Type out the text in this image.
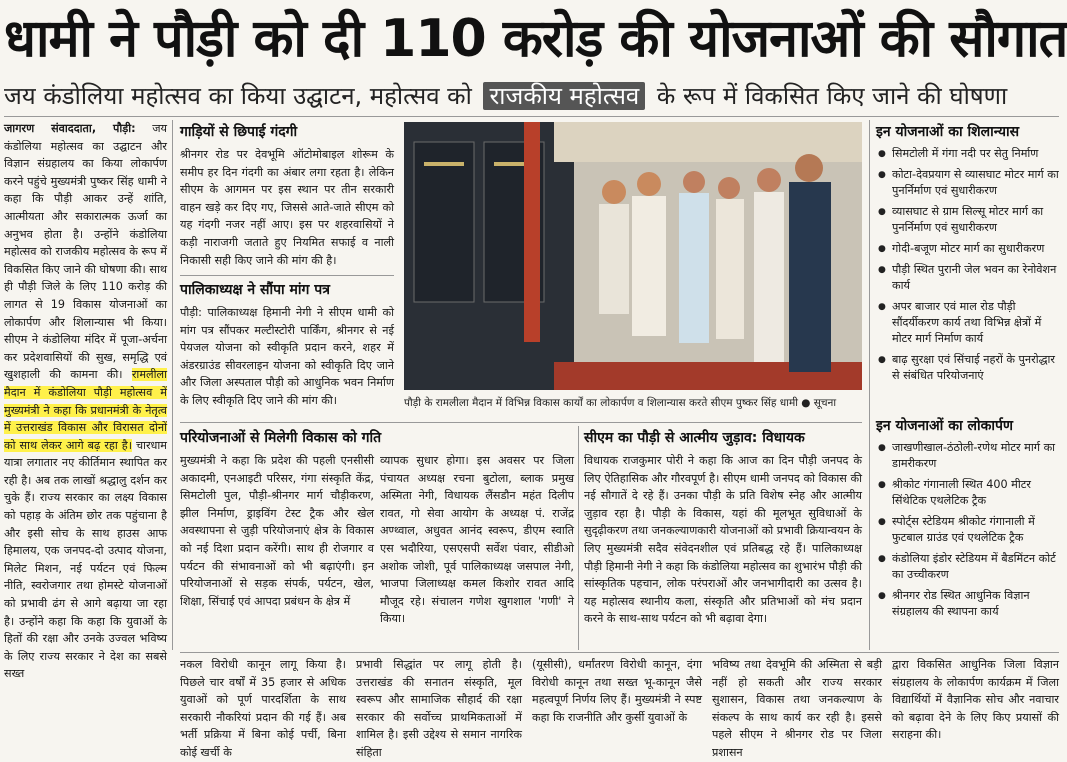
धामी ने पौड़ी को दी 110 करोड़ की योजनाओं की सौगात
जय कंडोलिया महोत्सव का किया उद्घाटन, महोत्सव को राजकीय महोत्सव के रूप में विकसित किए जाने की घोषणा
जागरण संवाददाता, पौड़ी: जय कंडोलिया महोत्सव का उद्घाटन और विज्ञान संग्रहालय का किया लोकार्पण करने पहुंचे मुख्यमंत्री पुष्कर सिंह धामी ने कहा कि पौड़ी आकर उन्हें शांति, आत्मीयता और सकारात्मक ऊर्जा का अनुभव होता है। उन्होंने कंडोलिया महोत्सव को राजकीय महोत्सव के रूप में विकसित किए जाने की घोषणा की। साथ ही पौड़ी जिले के लिए 110 करोड़ की लागत से 19 विकास योजनाओं का लोकार्पण और शिलान्यास भी किया। सीएम ने कंडोलिया मंदिर में पूजा-अर्चना कर प्रदेशवासियों की सुख, समृद्धि एवं खुशहाली की कामना की। रामलीला मैदान में कंडोलिया पौड़ी महोत्सव में मुख्यमंत्री ने कहा कि प्रधानमंत्री के नेतृत्व में उत्तराखंड विकास और विरासत दोनों को साथ लेकर आगे बढ़ रहा है। चारधाम यात्रा लगातार नए कीर्तिमान स्थापित कर रही है। अब तक लाखों श्रद्धालु दर्शन कर चुके हैं। राज्य सरकार का लक्ष्य विकास को पहाड़ के अंतिम छोर तक पहुंचाना है और इसी सोच के साथ हाउस आफ हिमालय, एक जनपद-दो उत्पाद योजना, मिलेट मिशन, नई पर्यटन एवं फिल्म नीति, स्वरोजगार तथा होमस्टे योजनाओं को प्रभावी ढंग से आगे बढ़ाया जा रहा है। उन्होंने कहा कि कहा कि युवाओं के हितों की रक्षा और उनके उज्वल भविष्य के लिए राज्य सरकार ने देश का सबसे सख्त
गाड़ियों से छिपाई गंदगी
श्रीनगर रोड पर देवभूमि ऑटोमोबाइल शोरूम के समीप हर दिन गंदगी का अंबार लगा रहता है। लेकिन सीएम के आगमन पर इस स्थान पर तीन सरकारी वाहन खड़े कर दिए गए, जिससे आते-जाते सीएम को यह गंदगी नजर नहीं आए। इस पर शहरवासियों ने कड़ी नाराजगी जताते हुए नियमित सफाई व नाली निकासी सही किए जाने की मांग की है।
पालिकाध्यक्ष ने सौंपा मांग पत्र
पौड़ी: पालिकाध्यक्ष हिमानी नेगी ने सीएम धामी को मांग पत्र सौंपकर मल्टीस्टोरी पार्किंग, श्रीनगर से नई पेयजल योजना को स्वीकृति प्रदान करने, शहर में अंडरग्राउंड सीवरलाइन योजना को स्वीकृति दिए जाने और जिला अस्पताल पौड़ी को आधुनिक भवन निर्माण के लिए स्वीकृति दिए जाने की मांग की।	पौड़ी के रामलीला मैदान में विभिन्न विकास कार्यों का लोकार्पण व शिलान्यास करते सीएम पुष्कर सिंह धामी ● सूचना
इन योजनाओं का शिलान्यास
● सिमटोली में गंगा नदी पर सेतु निर्माण
● कोटा-देवप्रयाग से व्यासघाट मोटर मार्ग का पुनर्निर्माण एवं सुधारीकरण
● व्यासघाट से ग्राम सिल्सू मोटर मार्ग का पुनर्निर्माण एवं सुधारीकरण
● गोदी-बजूण मोटर मार्ग का सुधारीकरण
● पौड़ी स्थित पुरानी जेल भवन का रेनोवेशन कार्य
● अपर बाजार एवं माल रोड पौड़ी सौंदर्यीकरण कार्य तथा विभिन्न क्षेत्रों में मोटर मार्ग निर्माण कार्य
● बाढ़ सुरक्षा एवं सिंचाई नहरों के पुनरोद्धार से संबंधित परियोजनाएं
इन योजनाओं का लोकार्पण
● जाखणीखाल-ठंठोली-रणेथ मोटर मार्ग का डामरीकरण
● श्रीकोट गंगानाली स्थित 400 मीटर सिंथेटिक एथलेटिक ट्रैक
● स्पोर्ट्स स्टेडियम श्रीकोट गंगानाली में फुटबाल ग्राउंड एवं एथलेटिक ट्रैक
● कंडोलिया इंडोर स्टेडियम में बैडमिंटन कोर्ट का उच्चीकरण
● श्रीनगर रोड स्थित आधुनिक विज्ञान संग्रहालय की स्थापना कार्य
परियोजनाओं से मिलेगी विकास को गति
मुख्यमंत्री ने कहा कि प्रदेश की पहली एनसीसी अकादमी, एनआइटी परिसर, गंगा संस्कृति केंद्र, सिमटोली पुल, पौड़ी-श्रीनगर मार्ग चौड़ीकरण, झील निर्माण, ड्राइविंग टेस्ट ट्रैक और खेल अवस्थापना से जुड़ी परियोजनाएं क्षेत्र के विकास को नई दिशा प्रदान करेंगी। साथ ही रोजगार व पर्यटन की संभावनाओं को भी बढ़ाएंगी। इन परियोजनाओं से सड़क संपर्क, पर्यटन, खेल, शिक्षा, सिंचाई एवं आपदा प्रबंधन के क्षेत्र में
व्यापक सुधार होगा। इस अवसर पर जिला पंचायत अध्यक्ष रचना बुटोला, ब्लाक प्रमुख अस्मिता नेगी, विधायक लैंसडौन महंत दिलीप रावत, गो सेवा आयोग के अध्यक्ष पं. राजेंद्र अण्थ्वाल, अधुवत आनंद स्वरूप, डीएम स्वाति एस भदौरिया, एसएसपी सर्वेश पंवार, सीडीओ अशोक जोशी, पूर्व पालिकाध्यक्ष जसपाल नेगी, भाजपा जिलाध्यक्ष कमल किशोर रावत आदि मौजूद रहे। संचालन गणेश खुगशाल 'गणी' ने किया।
सीएम का पौड़ी से आत्मीय जुड़ाव: विधायक
विधायक राजकुमार पोरी ने कहा कि आज का दिन पौड़ी जनपद के लिए ऐतिहासिक और गौरवपूर्ण है। सीएम धामी जनपद को विकास की नई सौगातें दे रहे हैं। उनका पौड़ी के प्रति विशेष स्नेह और आत्मीय जुड़ाव रहा है। पौड़ी के विकास, यहां की मूलभूत सुविधाओं के सुदृढ़ीकरण तथा जनकल्याणकारी योजनाओं को प्रभावी क्रियान्वयन के लिए मुख्यमंत्री सदैव संवेदनशील एवं प्रतिबद्ध रहे हैं। पालिकाध्यक्ष पौड़ी हिमानी नेगी ने कहा कि कंडोलिया महोत्सव का शुभारंभ पौड़ी की सांस्कृतिक पहचान, लोक परंपराओं और जनभागीदारी का उत्सव है। यह महोत्सव स्थानीय कला, संस्कृति और प्रतिभाओं को मंच प्रदान करने के साथ-साथ पर्यटन को भी बढ़ावा देगा।
नकल विरोधी कानून लागू किया है। पिछले चार वर्षों में 35 हजार से अधिक युवाओं को पूर्ण पारदर्शिता के साथ सरकारी नौकरियां प्रदान की गई हैं। अब भर्ती प्रक्रिया में बिना कोई पर्ची, बिना कोई खर्ची के
प्रभावी सिद्धांत पर लागू होती है। उत्तराखंड की सनातन संस्कृति, मूल स्वरूप और सामाजिक सौहार्द की रक्षा सरकार की सर्वोच्च प्राथमिकताओं में शामिल है। इसी उद्देश्य से समान नागरिक संहिता
(यूसीसी), धर्मांतरण विरोधी कानून, दंगा विरोधी कानून तथा सख्त भू-कानून जैसे महत्वपूर्ण निर्णय लिए हैं। मुख्यमंत्री ने स्पष्ट कहा कि राजनीति और कुर्सी युवाओं के
भविष्य तथा देवभूमि की अस्मिता से बड़ी नहीं हो सकती और राज्य सरकार सुशासन, विकास तथा जनकल्याण के संकल्प के साथ कार्य कर रही है। इससे पहले सीएम ने श्रीनगर रोड पर जिला प्रशासन
द्वारा विकसित आधुनिक जिला विज्ञान संग्रहालय के लोकार्पण कार्यक्रम में जिला विद्यार्थियों में वैज्ञानिक सोच और नवाचार को बढ़ावा देने के लिए किए प्रयासों की सराहना की।
